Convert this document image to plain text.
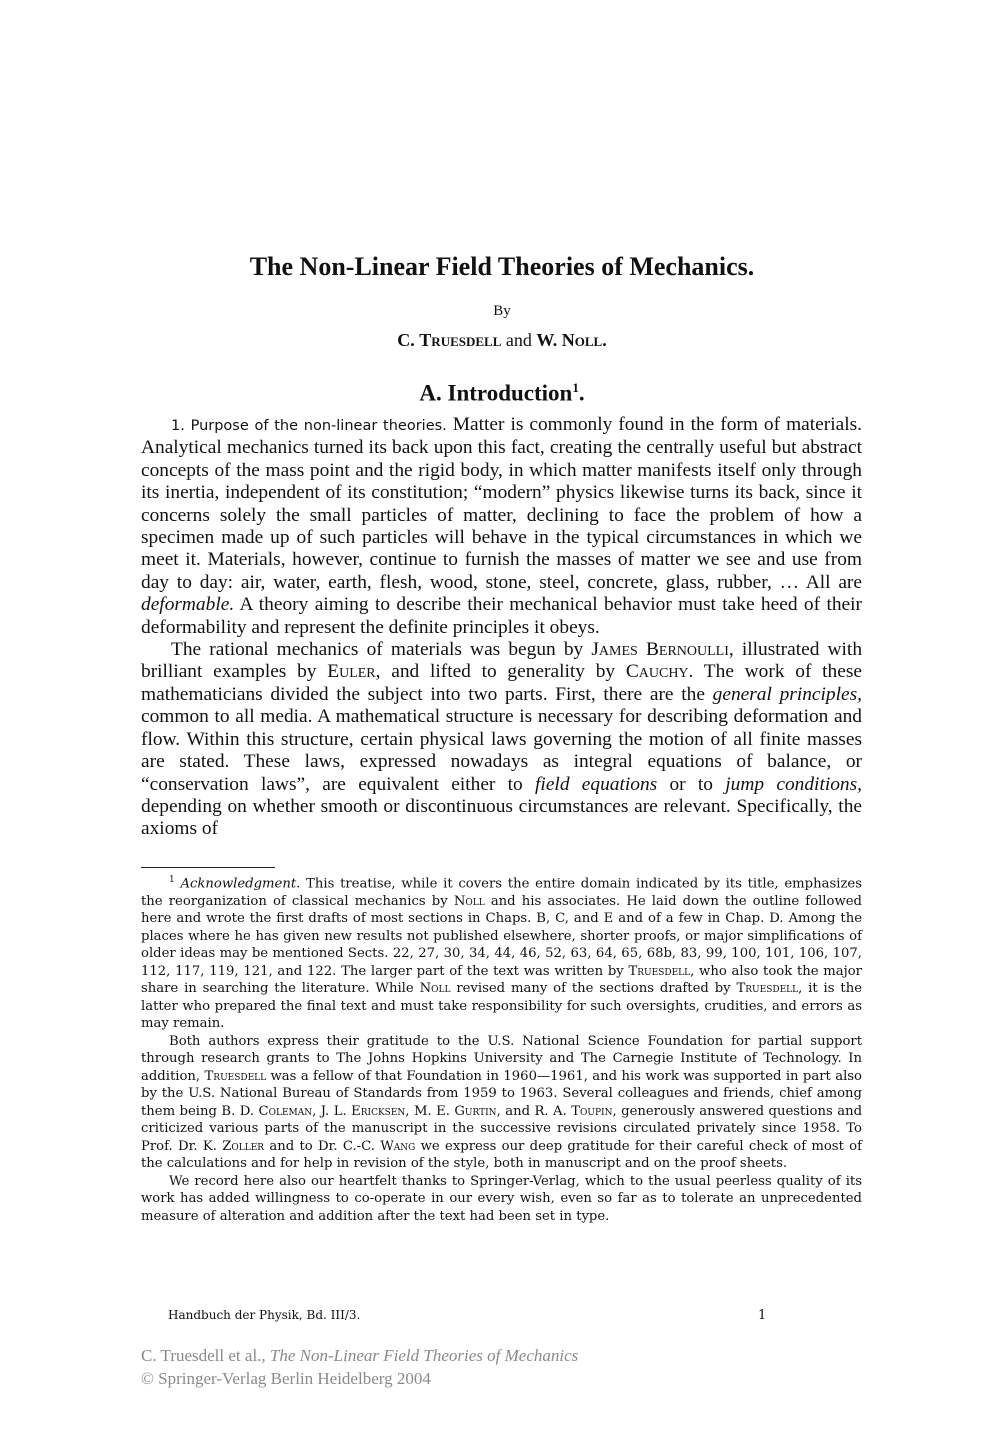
The Non-Linear Field Theories of Mechanics.
By
C. Truesdell and W. Noll.
A. Introduction$^1$.

1. Purpose of the non-linear theories. Matter is commonly found in the form of materials. Analytical mechanics turned its back upon this fact, creating the centrally useful but abstract concepts of the mass point and the rigid body, in which matter manifests itself only through its inertia, independent of its constitution; “modern” physics likewise turns its back, since it concerns solely the small particles of matter, declining to face the problem of how a specimen made up of such particles will behave in the typical circumstances in which we meet it. Materials, however, continue to furnish the masses of matter we see and use from day to day: air, water, earth, flesh, wood, stone, steel, concrete, glass, rubber, … All are deformable. A theory aiming to describe their mechanical behavior must take heed of their deformability and represent the definite principles it obeys.

The rational mechanics of materials was begun by James Bernoulli, illustrated with brilliant examples by Euler, and lifted to generality by Cauchy. The work of these mathematicians divided the subject into two parts. First, there are the general principles, common to all media. A mathematical structure is necessary for describing deformation and flow. Within this structure, certain physical laws governing the motion of all finite masses are stated. These laws, expressed nowadays as integral equations of balance, or “conservation laws”, are equivalent either to field equations or to jump conditions, depending on whether smooth or discontinuous circumstances are relevant. Specifically, the axioms of

$^1$ Acknowledgment. This treatise, while it covers the entire domain indicated by its title, emphasizes the reorganization of classical mechanics by Noll and his associates. He laid down the outline followed here and wrote the first drafts of most sections in Chaps. B, C, and E and of a few in Chap. D. Among the places where he has given new results not published elsewhere, shorter proofs, or major simplifications of older ideas may be mentioned Sects. 22, 27, 30, 34, 44, 46, 52, 63, 64, 65, 68b, 83, 99, 100, 101, 106, 107, 112, 117, 119, 121, and 122. The larger part of the text was written by Truesdell, who also took the major share in searching the literature. While Noll revised many of the sections drafted by Truesdell, it is the latter who prepared the final text and must take responsibility for such oversights, crudities, and errors as may remain.

Both authors express their gratitude to the U.S. National Science Foundation for partial support through research grants to The Johns Hopkins University and The Carnegie Institute of Technology. In addition, Truesdell was a fellow of that Foundation in 1960—1961, and his work was supported in part also by the U.S. National Bureau of Standards from 1959 to 1963. Several colleagues and friends, chief among them being B. D. Coleman, J. L. Ericksen, M. E. Gurtin, and R. A. Toupin, generously answered questions and criticized various parts of the manuscript in the successive revisions circulated privately since 1958. To Prof. Dr. K. Zoller and to Dr. C.-C. Wang we express our deep gratitude for their careful check of most of the calculations and for help in revision of the style, both in manuscript and on the proof sheets.

We record here also our heartfelt thanks to Springer-Verlag, which to the usual peerless quality of its work has added willingness to co-operate in our every wish, even so far as to tolerate an unprecedented measure of alteration and addition after the text had been set in type.

Handbuch der Physik, Bd. III/3.	1
C. Truesdell et al., The Non-Linear Field Theories of Mechanics
© Springer-Verlag Berlin Heidelberg 2004
